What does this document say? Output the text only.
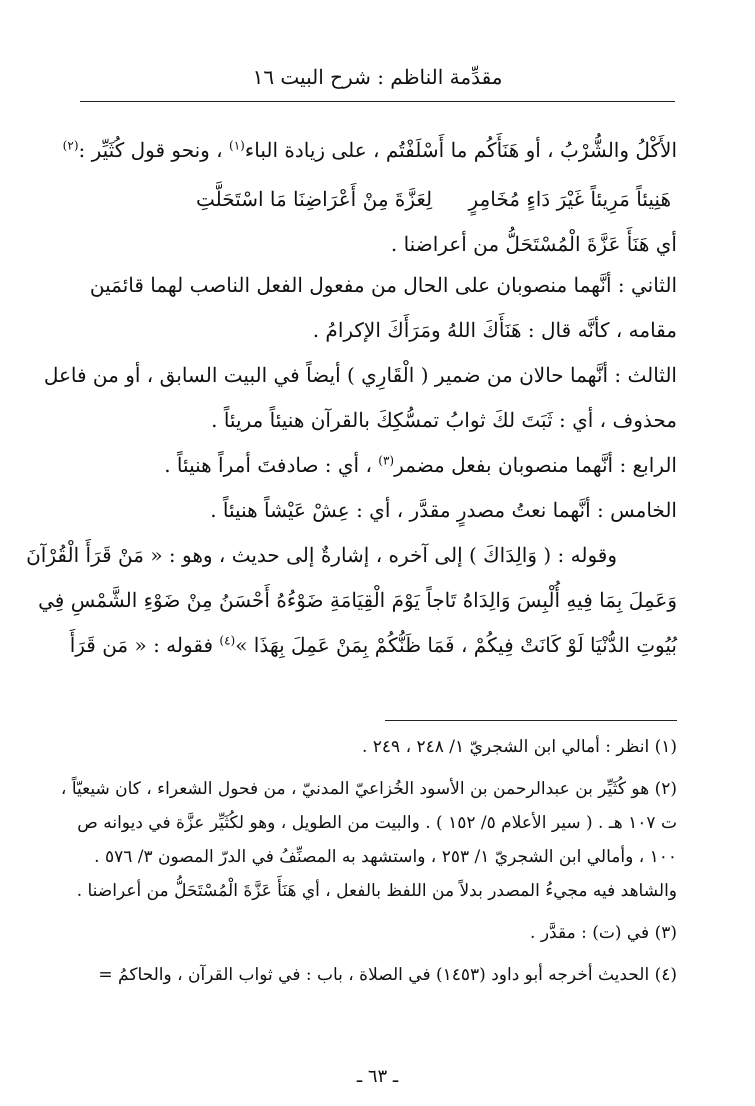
مقدِّمة الناظم : شرح البيت ١٦
الأَكْلُ والشُّرْبُ ، أو هَنَأَكُم ما أَسْلَفْتُم ، على زيادة الباء$^{(١)}$ ، ونحو قول كُثَيِّر :$^{(٢)}$
هَنِيئاً مَرِيئاً غَيْرَ دَاءٍ مُخَامِرٍ
لِعَزَّةَ مِنْ أَعْرَاضِنَا مَا اسْتَحَلَّتِ
أي هَنَأَ عَزَّةَ الْمُسْتَحَلُّ من أعراضنا .
الثاني : أنَّهما منصوبان على الحال من مفعول الفعل الناصب لهما قائمَين
مقامه ، كأنَّه قال : هَنَأَكَ اللهُ ومَرَأَكَ الإكرامُ .
الثالث : أنَّهما حالان من ضمير ( الْقَارِي ) أيضاً في البيت السابق ، أو من فاعل
محذوف ، أي : ثَبَتَ لكَ ثوابُ تمسُّكِكَ بالقرآن هنيئاً مريئاً .
الرابع : أنَّهما منصوبان بفعل مضمر$^{(٣)}$ ، أي : صادفتَ أمراً هنيئاً .
الخامس : أنَّهما نعتُ مصدرٍ مقدَّر ، أي : عِشْ عَيْشاً هنيئاً .
وقوله : ( وَالِدَاكَ ) إلى آخره ، إشارةٌ إلى حديث ، وهو : « مَنْ قَرَأَ الْقُرْآنَ
وَعَمِلَ بِمَا فِيهِ أُلْبِسَ وَالِدَاهُ تَاجاً يَوْمَ الْقِيَامَةِ ضَوْءُهُ أَحْسَنُ مِنْ ضَوْءِ الشَّمْسِ فِي
بُيُوتِ الدُّنْيَا لَوْ كَانَتْ فِيكُمْ ، فَمَا ظَنُّكُمْ بِمَنْ عَمِلَ بِهَذَا »$^{(٤)}$ فقوله : « مَن قَرَأَ
(١) انظر : أمالي ابن الشجريّ ١/ ٢٤٨ ، ٢٤٩ .
(٢) هو كُثَيِّر بن عبدالرحمن بن الأسود الخُزاعيّ المدنيّ ، من فحول الشعراء ، كان شيعيّاً ،
ت ١٠٧ هـ . ( سير الأعلام ٥/ ١٥٢ ) . والبيت من الطويل ، وهو لكُثَيِّر عزَّة في ديوانه ص
١٠٠ ، وأمالي ابن الشجريّ ١/ ٢٥٣ ، واستشهد به المصنِّفُ في الدرّ المصون ٣/ ٥٧٦ .
والشاهد فيه مجيءُ المصدر بدلاً من اللفظ بالفعل ، أي هَنَأَ عَزَّةَ الْمُسْتَحَلُّ من أعراضنا .
(٣) في (ت) : مقدَّر .
(٤) الحديث أخرجه أبو داود (١٤٥٣) في الصلاة ، باب : في ثواب القرآن ، والحاكمُ =
ـ ٦٣ ـ
